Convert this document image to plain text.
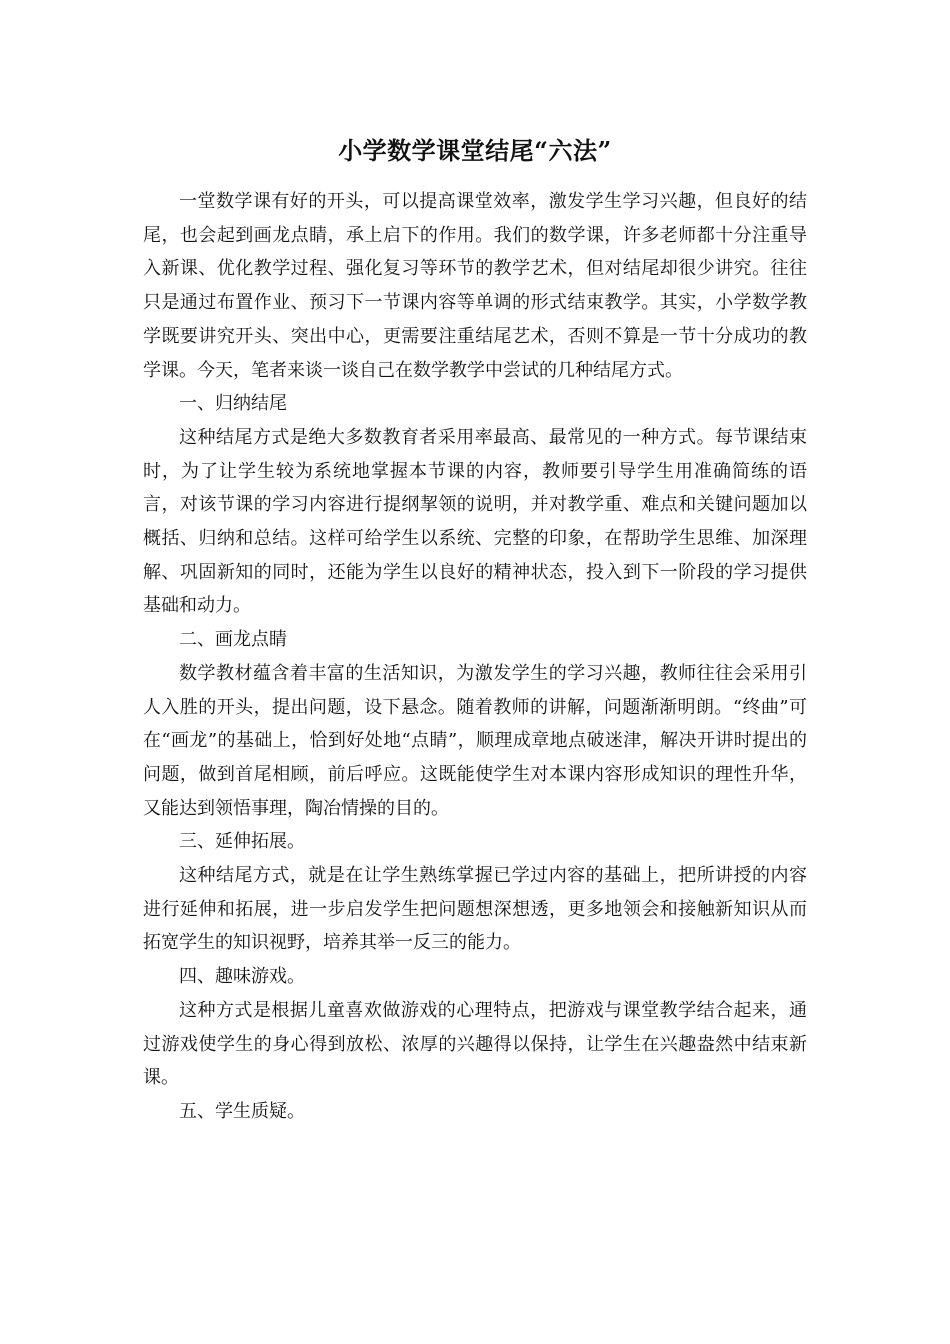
小学数学课堂结尾“六法”

一堂数学课有好的开头，可以提高课堂效率，激发学生学习兴趣，但良好的结尾，也会起到画龙点睛，承上启下的作用。我们的数学课，许多老师都十分注重导入新课、优化教学过程、强化复习等环节的教学艺术，但对结尾却很少讲究。往往只是通过布置作业、预习下一节课内容等单调的形式结束教学。其实，小学数学教学既要讲究开头、突出中心，更需要注重结尾艺术，否则不算是一节十分成功的教学课。今天，笔者来谈一谈自己在数学教学中尝试的几种结尾方式。

一、归纳结尾

这种结尾方式是绝大多数教育者采用率最高、最常见的一种方式。每节课结束时，为了让学生较为系统地掌握本节课的内容，教师要引导学生用准确简练的语言，对该节课的学习内容进行提纲挈领的说明，并对教学重、难点和关键问题加以概括、归纳和总结。这样可给学生以系统、完整的印象，在帮助学生思维、加深理解、巩固新知的同时，还能为学生以良好的精神状态，投入到下一阶段的学习提供基础和动力。

二、画龙点睛

数学教材蕴含着丰富的生活知识，为激发学生的学习兴趣，教师往往会采用引人入胜的开头，提出问题，设下悬念。随着教师的讲解，问题渐渐明朗。“终曲”可在“画龙”的基础上，恰到好处地“点睛”，顺理成章地点破迷津，解决开讲时提出的问题，做到首尾相顾，前后呼应。这既能使学生对本课内容形成知识的理性升华，又能达到领悟事理，陶冶情操的目的。

三、延伸拓展。

这种结尾方式，就是在让学生熟练掌握已学过内容的基础上，把所讲授的内容进行延伸和拓展，进一步启发学生把问题想深想透，更多地领会和接触新知识从而拓宽学生的知识视野，培养其举一反三的能力。

四、趣味游戏。

这种方式是根据儿童喜欢做游戏的心理特点，把游戏与课堂教学结合起来，通过游戏使学生的身心得到放松、浓厚的兴趣得以保持，让学生在兴趣盎然中结束新课。

五、学生质疑。
